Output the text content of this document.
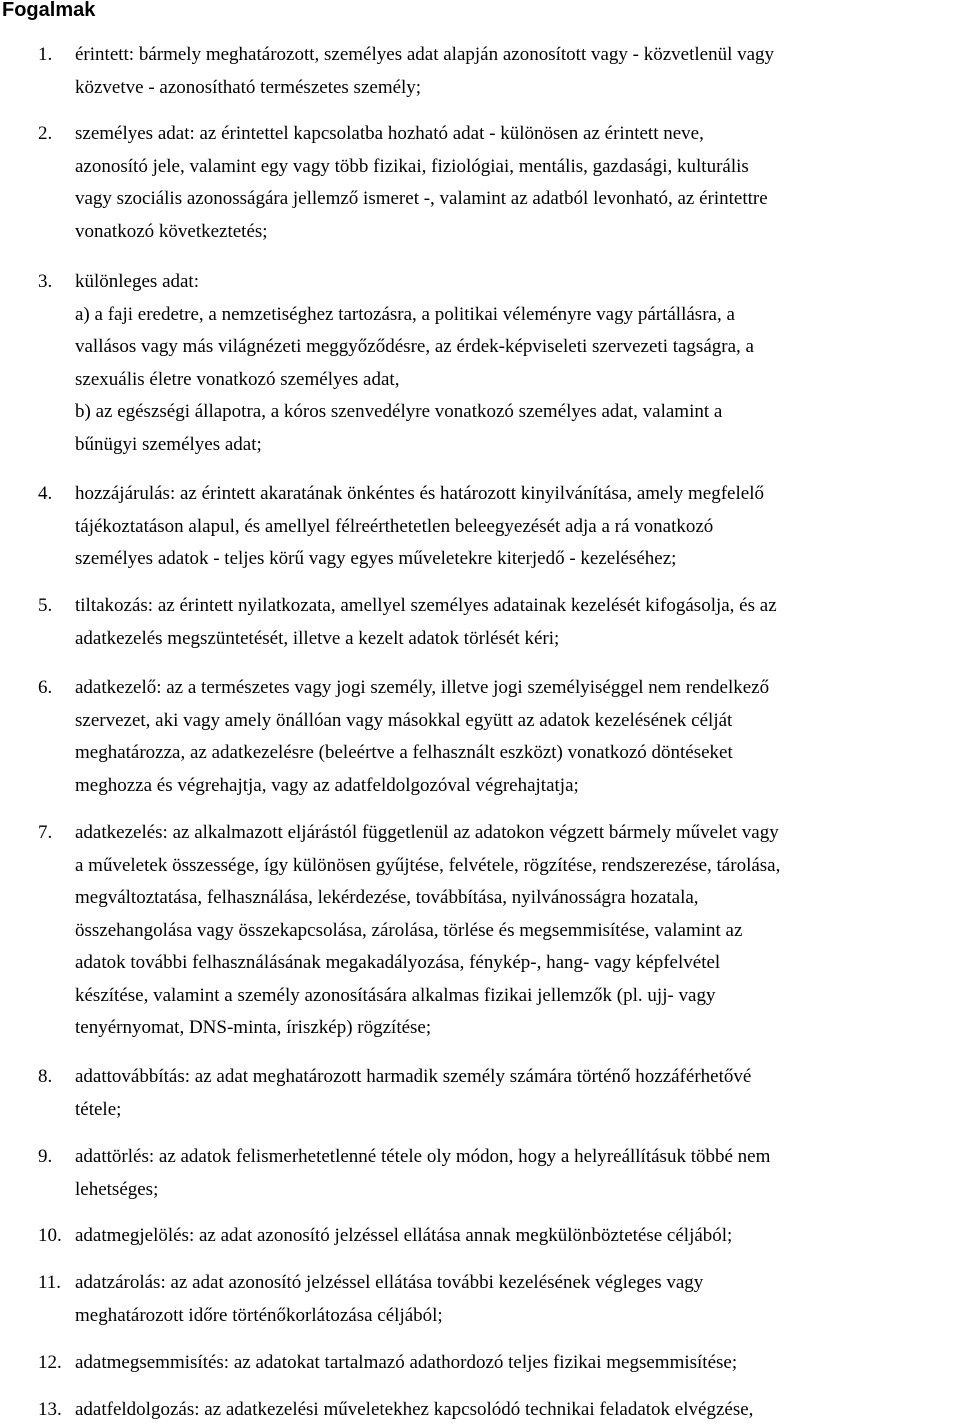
Fogalmak
1. érintett: bármely meghatározott, személyes adat alapján azonosított vagy - közvetlenül vagy
közvetve - azonosítható természetes személy;
2. személyes adat: az érintettel kapcsolatba hozható adat - különösen az érintett neve,
azonosító jele, valamint egy vagy több fizikai, fiziológiai, mentális, gazdasági, kulturális
vagy szociális azonosságára jellemző ismeret -, valamint az adatból levonható, az érintettre
vonatkozó következtetés;
3. különleges adat:
a) a faji eredetre, a nemzetiséghez tartozásra, a politikai véleményre vagy pártállásra, a
vallásos vagy más világnézeti meggyőződésre, az érdek-képviseleti szervezeti tagságra, a
szexuális életre vonatkozó személyes adat,
b) az egészségi állapotra, a kóros szenvedélyre vonatkozó személyes adat, valamint a
bűnügyi személyes adat;
4. hozzájárulás: az érintett akaratának önkéntes és határozott kinyilvánítása, amely megfelelő
tájékoztatáson alapul, és amellyel félreérthetetlen beleegyezését adja a rá vonatkozó
személyes adatok - teljes körű vagy egyes műveletekre kiterjedő - kezeléséhez;
5. tiltakozás: az érintett nyilatkozata, amellyel személyes adatainak kezelését kifogásolja, és az
adatkezelés megszüntetését, illetve a kezelt adatok törlését kéri;
6. adatkezelő: az a természetes vagy jogi személy, illetve jogi személyiséggel nem rendelkező
szervezet, aki vagy amely önállóan vagy másokkal együtt az adatok kezelésének célját
meghatározza, az adatkezelésre (beleértve a felhasznált eszközt) vonatkozó döntéseket
meghozza és végrehajtja, vagy az adatfeldolgozóval végrehajtatja;
7. adatkezelés: az alkalmazott eljárástól függetlenül az adatokon végzett bármely művelet vagy
a műveletek összessége, így különösen gyűjtése, felvétele, rögzítése, rendszerezése, tárolása,
megváltoztatása, felhasználása, lekérdezése, továbbítása, nyilvánosságra hozatala,
összehangolása vagy összekapcsolása, zárolása, törlése és megsemmisítése, valamint az
adatok további felhasználásának megakadályozása, fénykép-, hang- vagy képfelvétel
készítése, valamint a személy azonosítására alkalmas fizikai jellemzők (pl. ujj- vagy
tenyérnyomat, DNS-minta, íriszkép) rögzítése;
8. adattovábbítás: az adat meghatározott harmadik személy számára történő hozzáférhetővé
tétele;
9. adattörlés: az adatok felismerhetetlenné tétele oly módon, hogy a helyreállításuk többé nem
lehetséges;
10. adatmegjelölés: az adat azonosító jelzéssel ellátása annak megkülönböztetése céljából;
11. adatzárolás: az adat azonosító jelzéssel ellátása további kezelésének végleges vagy
meghatározott időre történőkorlátozása céljából;
12. adatmegsemmisítés: az adatokat tartalmazó adathordozó teljes fizikai megsemmisítése;
13. adatfeldolgozás: az adatkezelési műveletekhez kapcsolódó technikai feladatok elvégzése,
